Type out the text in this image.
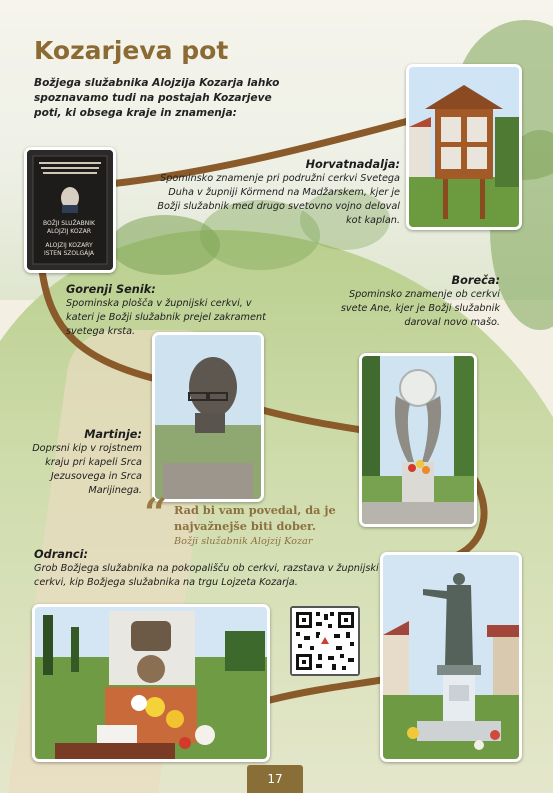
Kozarjeva pot
Božjega služabnika Alojzija Kozarja lahko spoznavamo tudi na postajah Kozarjeve poti, ki obsega kraje in znamenja:
BOŽJI SLUŽABNIK
ALOJZIJ KOZAR
ALOJZIJ KOZARY
ISTEN SZOLGÁJA
Horvatnadalja:
Spominsko znamenje pri podružni cerkvi Svetega Duha v župniji Körmend na Madžarskem, kjer je Božji služabnik med drugo svetovno vojno deloval kot kaplan.
Gorenji Senik:
Spominska plošča v župnijski cerkvi, v kateri je Božji služabnik prejel zakrament svetega krsta.
Boreča:
Spominsko znamenje ob cerkvi svete Ane, kjer je Božji služabnik daroval novo mašo.
Martinje:
Doprsni kip v rojstnem kraju pri kapeli Srca Jezusovega in Srca Marijinega. “ Rad bi vam povedal, da je najvažnejše biti dober.
Božji služabnik Alojzij Kozar
Odranci:
Grob Božjega služabnika na pokopališču ob cerkvi, razstava v župnijski cerkvi, kip Božjega služabnika na trgu Lojzeta Kozarja.
17
